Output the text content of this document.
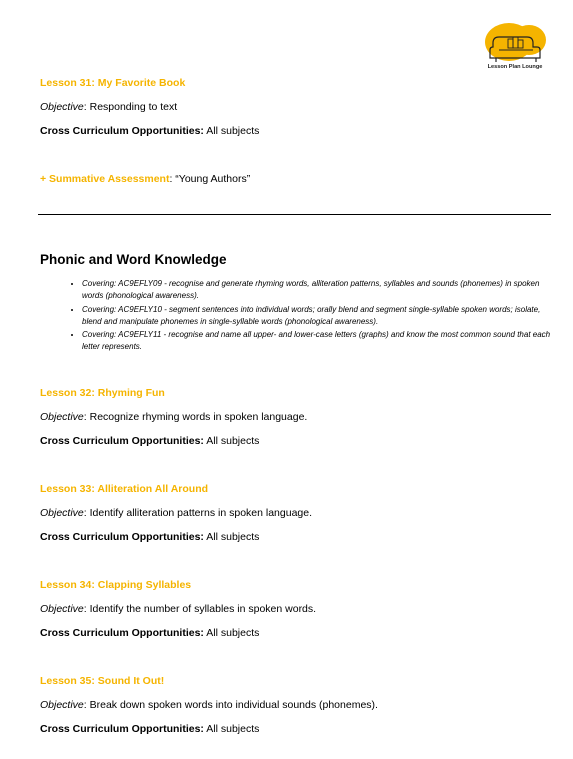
Lesson Plan Lounge
Lesson 31: My Favorite Book
Objective: Responding to text
Cross Curriculum Opportunities: All subjects
+ Summative Assessment: “Young Authors”
Phonic and Word Knowledge
• Covering: AC9EFLY09 - recognise and generate rhyming words, alliteration patterns, syllables and sounds (phonemes) in spoken words (phonological awareness).
• Covering: AC9EFLY10 - segment sentences into individual words; orally blend and segment single-syllable spoken words; isolate, blend and manipulate phonemes in single-syllable words (phonological awareness).
• Covering: AC9EFLY11 - recognise and name all upper- and lower-case letters (graphs) and know the most common sound that each letter represents.
Lesson 32: Rhyming Fun
Objective: Recognize rhyming words in spoken language.
Cross Curriculum Opportunities: All subjects
Lesson 33: Alliteration All Around
Objective: Identify alliteration patterns in spoken language.
Cross Curriculum Opportunities: All subjects
Lesson 34: Clapping Syllables
Objective: Identify the number of syllables in spoken words.
Cross Curriculum Opportunities: All subjects
Lesson 35: Sound It Out!
Objective: Break down spoken words into individual sounds (phonemes).
Cross Curriculum Opportunities: All subjects
